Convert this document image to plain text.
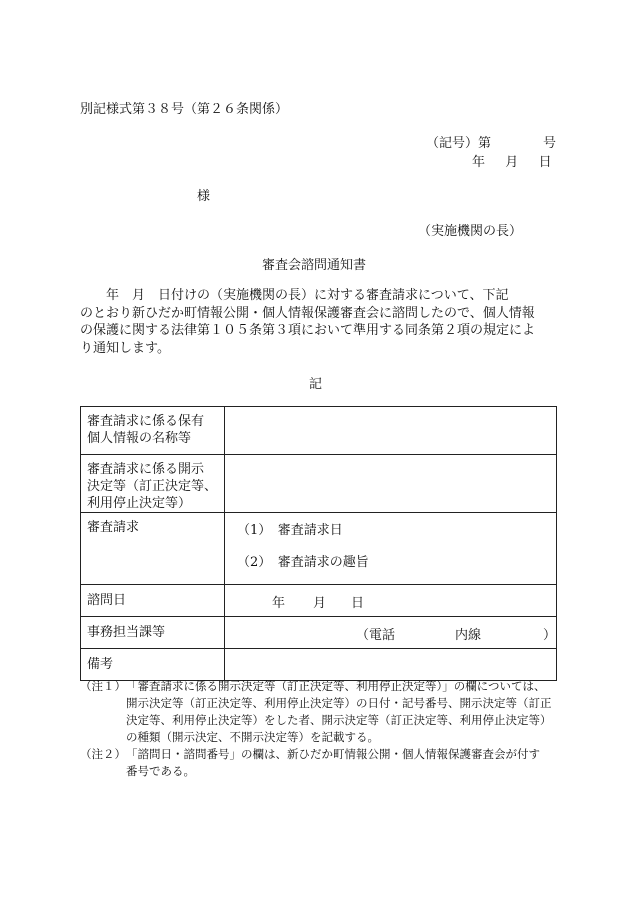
別記様式第３８号（第２６条関係）
（記号）第	号
年 月 日
様
（実施機関の長）
審査会諮問通知書
　　年　月　日付けの（実施機関の長）に対する審査請求について、下記
のとおり新ひだか町情報公開・個人情報保護審査会に諮問したので、個人情報
の保護に関する法律第１０５条第３項において準用する同条第２項の規定によ
り通知します。
記
審査請求に係る保有
個人情報の名称等	

審査請求に係る開示
決定等（訂正決定等、
利用停止決定等）	

審査請求	（1）　審査請求日
（2）　審査請求の趣旨

諮問日	年 月 日

事務担当課等	（電話 内線 ）

備考	
（注１） 「審査請求に係る開示決定等（訂正決定等、利用停止決定等）」の欄については、
開示決定等（訂正決定等、利用停止決定等）の日付・記号番号、開示決定等（訂正
決定等、利用停止決定等）をした者、開示決定等（訂正決定等、利用停止決定等）
の種類（開示決定、不開示決定等）を記載する。
（注２） 「諮問日・諮問番号」の欄は、新ひだか町情報公開・個人情報保護審査会が付す
番号である。
